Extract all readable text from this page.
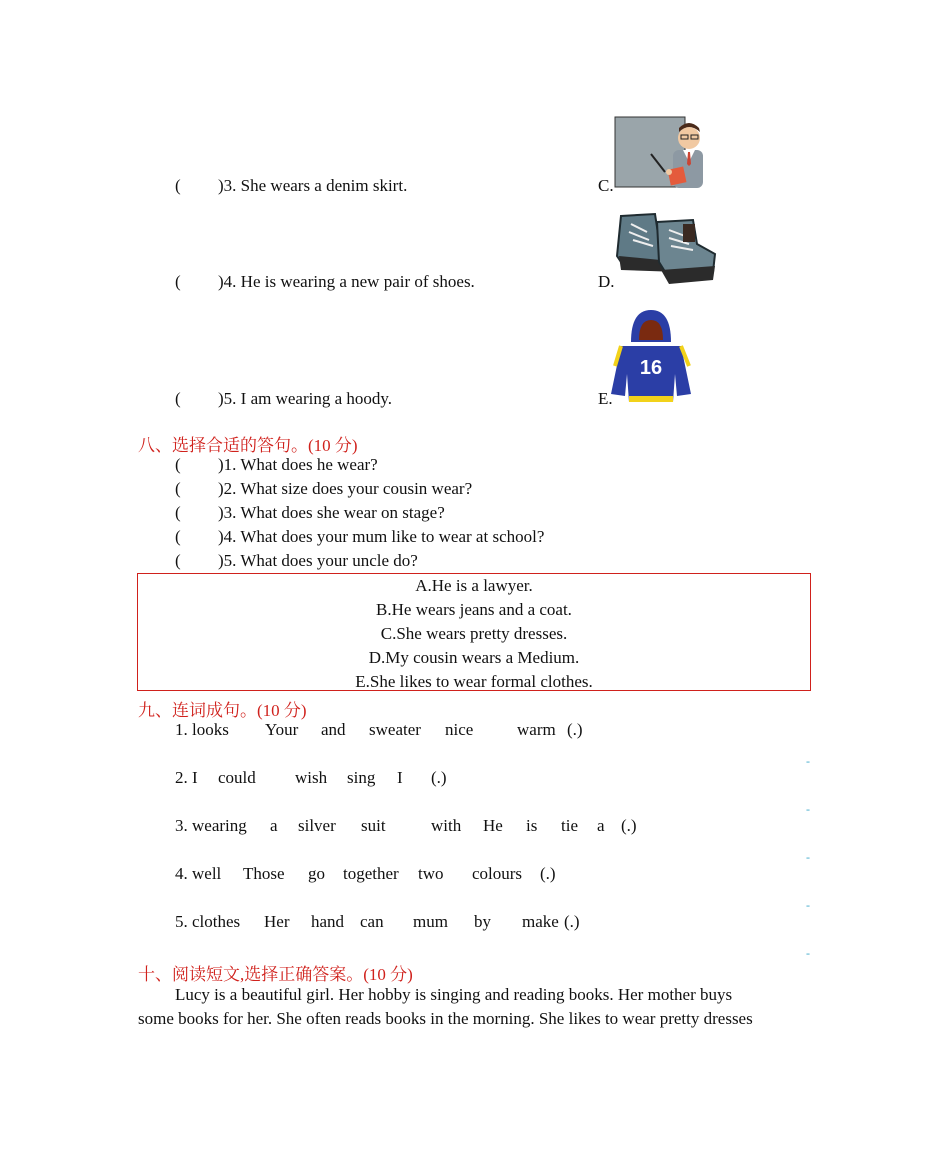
( )3. She wears a denim skirt.	C.
( )4. He is wearing a new pair of shoes.	D.
( )5. I am wearing a hoody.	E.
16
八、选择合适的答句。(10 分)
( )1. What does he wear?
( )2. What size does your cousin wear?
( )3. What does she wear on stage?
( )4. What does your mum like to wear at school?
( )5. What does your uncle do?
A.He is a lawyer.
B.He wears jeans and a coat.
C.She wears pretty dresses.
D.My cousin wears a Medium.
E.She likes to wear formal clothes.
九、连词成句。(10 分)
1. looks Your and sweater nice	warm (.)
2. I could wish sing I (.)
3. wearing a silver suit	with He is tie a (.)
4. well Those go together two colours (.)
5. clothes Her hand can mum by make (.)
-
-
-
-
-
十、阅读短文,选择正确答案。(10 分)
Lucy is a beautiful girl. Her hobby is singing and reading books. Her mother buys
some books for her. She often reads books in the morning. She likes to wear pretty dresses
